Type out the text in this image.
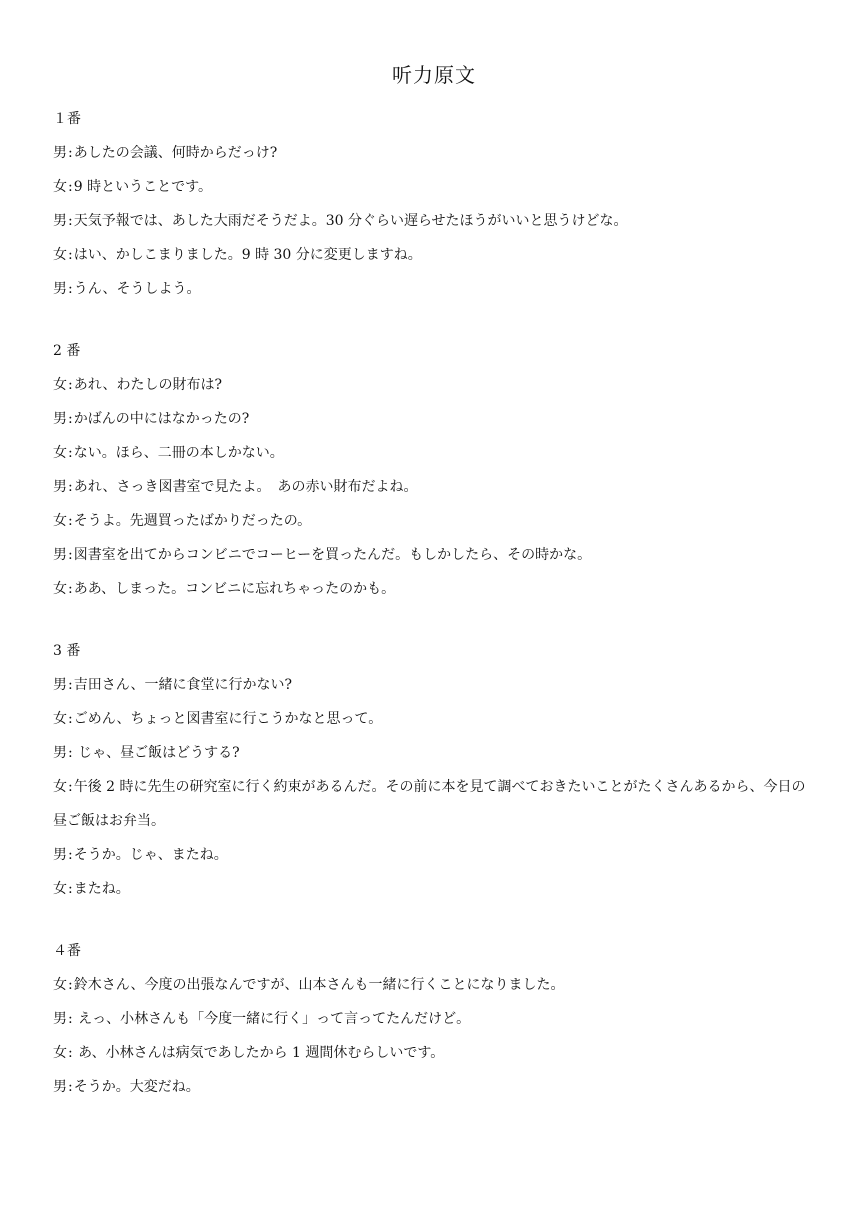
听力原文
１番
男:あしたの会議、何時からだっけ?
女:9 時ということです。
男:天気予報では、あした大雨だそうだよ。30 分ぐらい遅らせたほうがいいと思うけどな。
女:はい、かしこまりました。9 時 30 分に変更しますね。
男:うん、そうしよう。
2 番
女:あれ、わたしの財布は?
男:かばんの中にはなかったの?
女:ない。ほら、二冊の本しかない。
男:あれ、さっき図書室で見たよ。　あの赤い財布だよね。
女:そうよ。先週買ったばかりだったの。
男:図書室を出てからコンビニでコーヒーを買ったんだ。もしかしたら、その時かな。
女:ああ、しまった。コンビニに忘れちゃったのかも。
3 番
男:吉田さん、一緒に食堂に行かない?
女:ごめん、ちょっと図書室に行こうかなと思って。
男: じゃ、昼ご飯はどうする?
女:午後 2 時に先生の研究室に行く約束があるんだ。その前に本を見て調べておきたいことがたくさんあるから、今日の昼ご飯はお弁当。
男:そうか。じゃ、またね。
女:またね。
４番
女:鈴木さん、今度の出張なんですが、山本さんも一緒に行くことになりました。
男: えっ、小林さんも「今度一緒に行く」って言ってたんだけど。
女: あ、小林さんは病気であしたから 1 週間休むらしいです。
男:そうか。大変だね。
